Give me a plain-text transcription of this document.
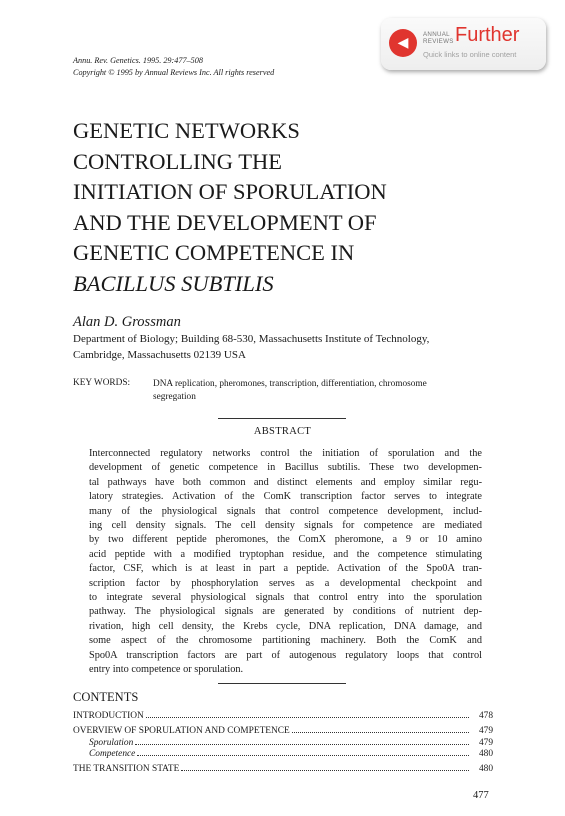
Annu. Rev. Genetics. 1995. 29:477–508
Copyright © 1995 by Annual Reviews Inc. All rights reserved
◀
ANNUAL REVIEWS Further
Quick links to online content
GENETIC NETWORKS
CONTROLLING THE
INITIATION OF SPORULATION
AND THE DEVELOPMENT OF
GENETIC COMPETENCE IN
BACILLUS SUBTILIS
Alan D. Grossman
Department of Biology; Building 68-530, Massachusetts Institute of Technology,
Cambridge, Massachusetts 02139 USA
KEY WORDS: DNA replication, pheromones, transcription, differentiation, chromosome
segregation
ABSTRACT
Interconnected regulatory networks control the initiation of sporulation and the
development of genetic competence in Bacillus subtilis. These two developmen-
tal pathways have both common and distinct elements and employ similar regu-
latory strategies. Activation of the ComK transcription factor serves to integrate
many of the physiological signals that control competence development, includ-
ing cell density signals. The cell density signals for competence are mediated
by two different peptide pheromones, the ComX pheromone, a 9 or 10 amino
acid peptide with a modified tryptophan residue, and the competence stimulating
factor, CSF, which is at least in part a peptide. Activation of the Spo0A tran-
scription factor by phosphorylation serves as a developmental checkpoint and
to integrate several physiological signals that control entry into the sporulation
pathway. The physiological signals are generated by conditions of nutrient dep-
rivation, high cell density, the Krebs cycle, DNA replication, DNA damage, and
some aspect of the chromosome partitioning machinery. Both the ComK and
Spo0A transcription factors are part of autogenous regulatory loops that control
entry into competence or sporulation.
CONTENTS
INTRODUCTION	478
OVERVIEW OF SPORULATION AND COMPETENCE	479
Sporulation	479
Competence	480
THE TRANSITION STATE	480
477
